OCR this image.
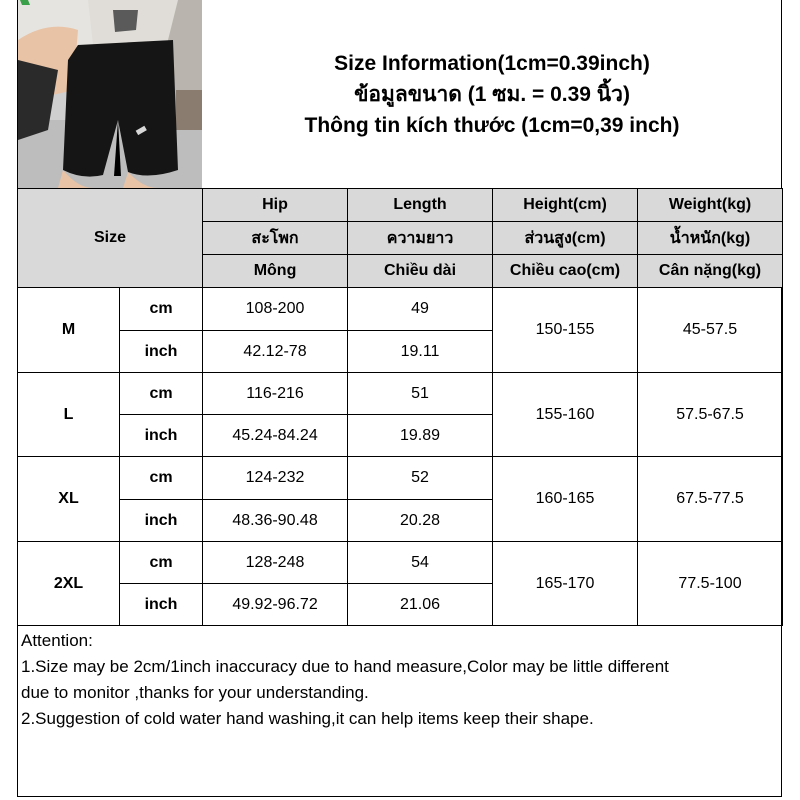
Size Information(1cm=0.39inch)
ข้อมูลขนาด (1 ซม. = 0.39 นิ้ว)
Thông tin kích thước (1cm=0,39 inch)
Size		Hip	Length	Height(cm)	Weight(kg)
		สะโพก	ความยาว	ส่วนสูง(cm)	น้ำหนัก(kg)
		Mông	Chiều dài	Chiều cao(cm)	Cân nặng(kg)
M	cm	108-200	49	150-155	45-57.5
	inch	42.12-78	19.11		
L	cm	116-216	51	155-160	57.5-67.5
	inch	45.24-84.24	19.89		
XL	cm	124-232	52	160-165	67.5-77.5
	inch	48.36-90.48	20.28		
2XL	cm	128-248	54	165-170	77.5-100
	inch	49.92-96.72	21.06		
Attention:
1.Size may be 2cm/1inch inaccuracy due to hand measure,Color may be little different
due to monitor ,thanks for your understanding.
2.Suggestion of cold water hand washing,it can help items keep their shape.
